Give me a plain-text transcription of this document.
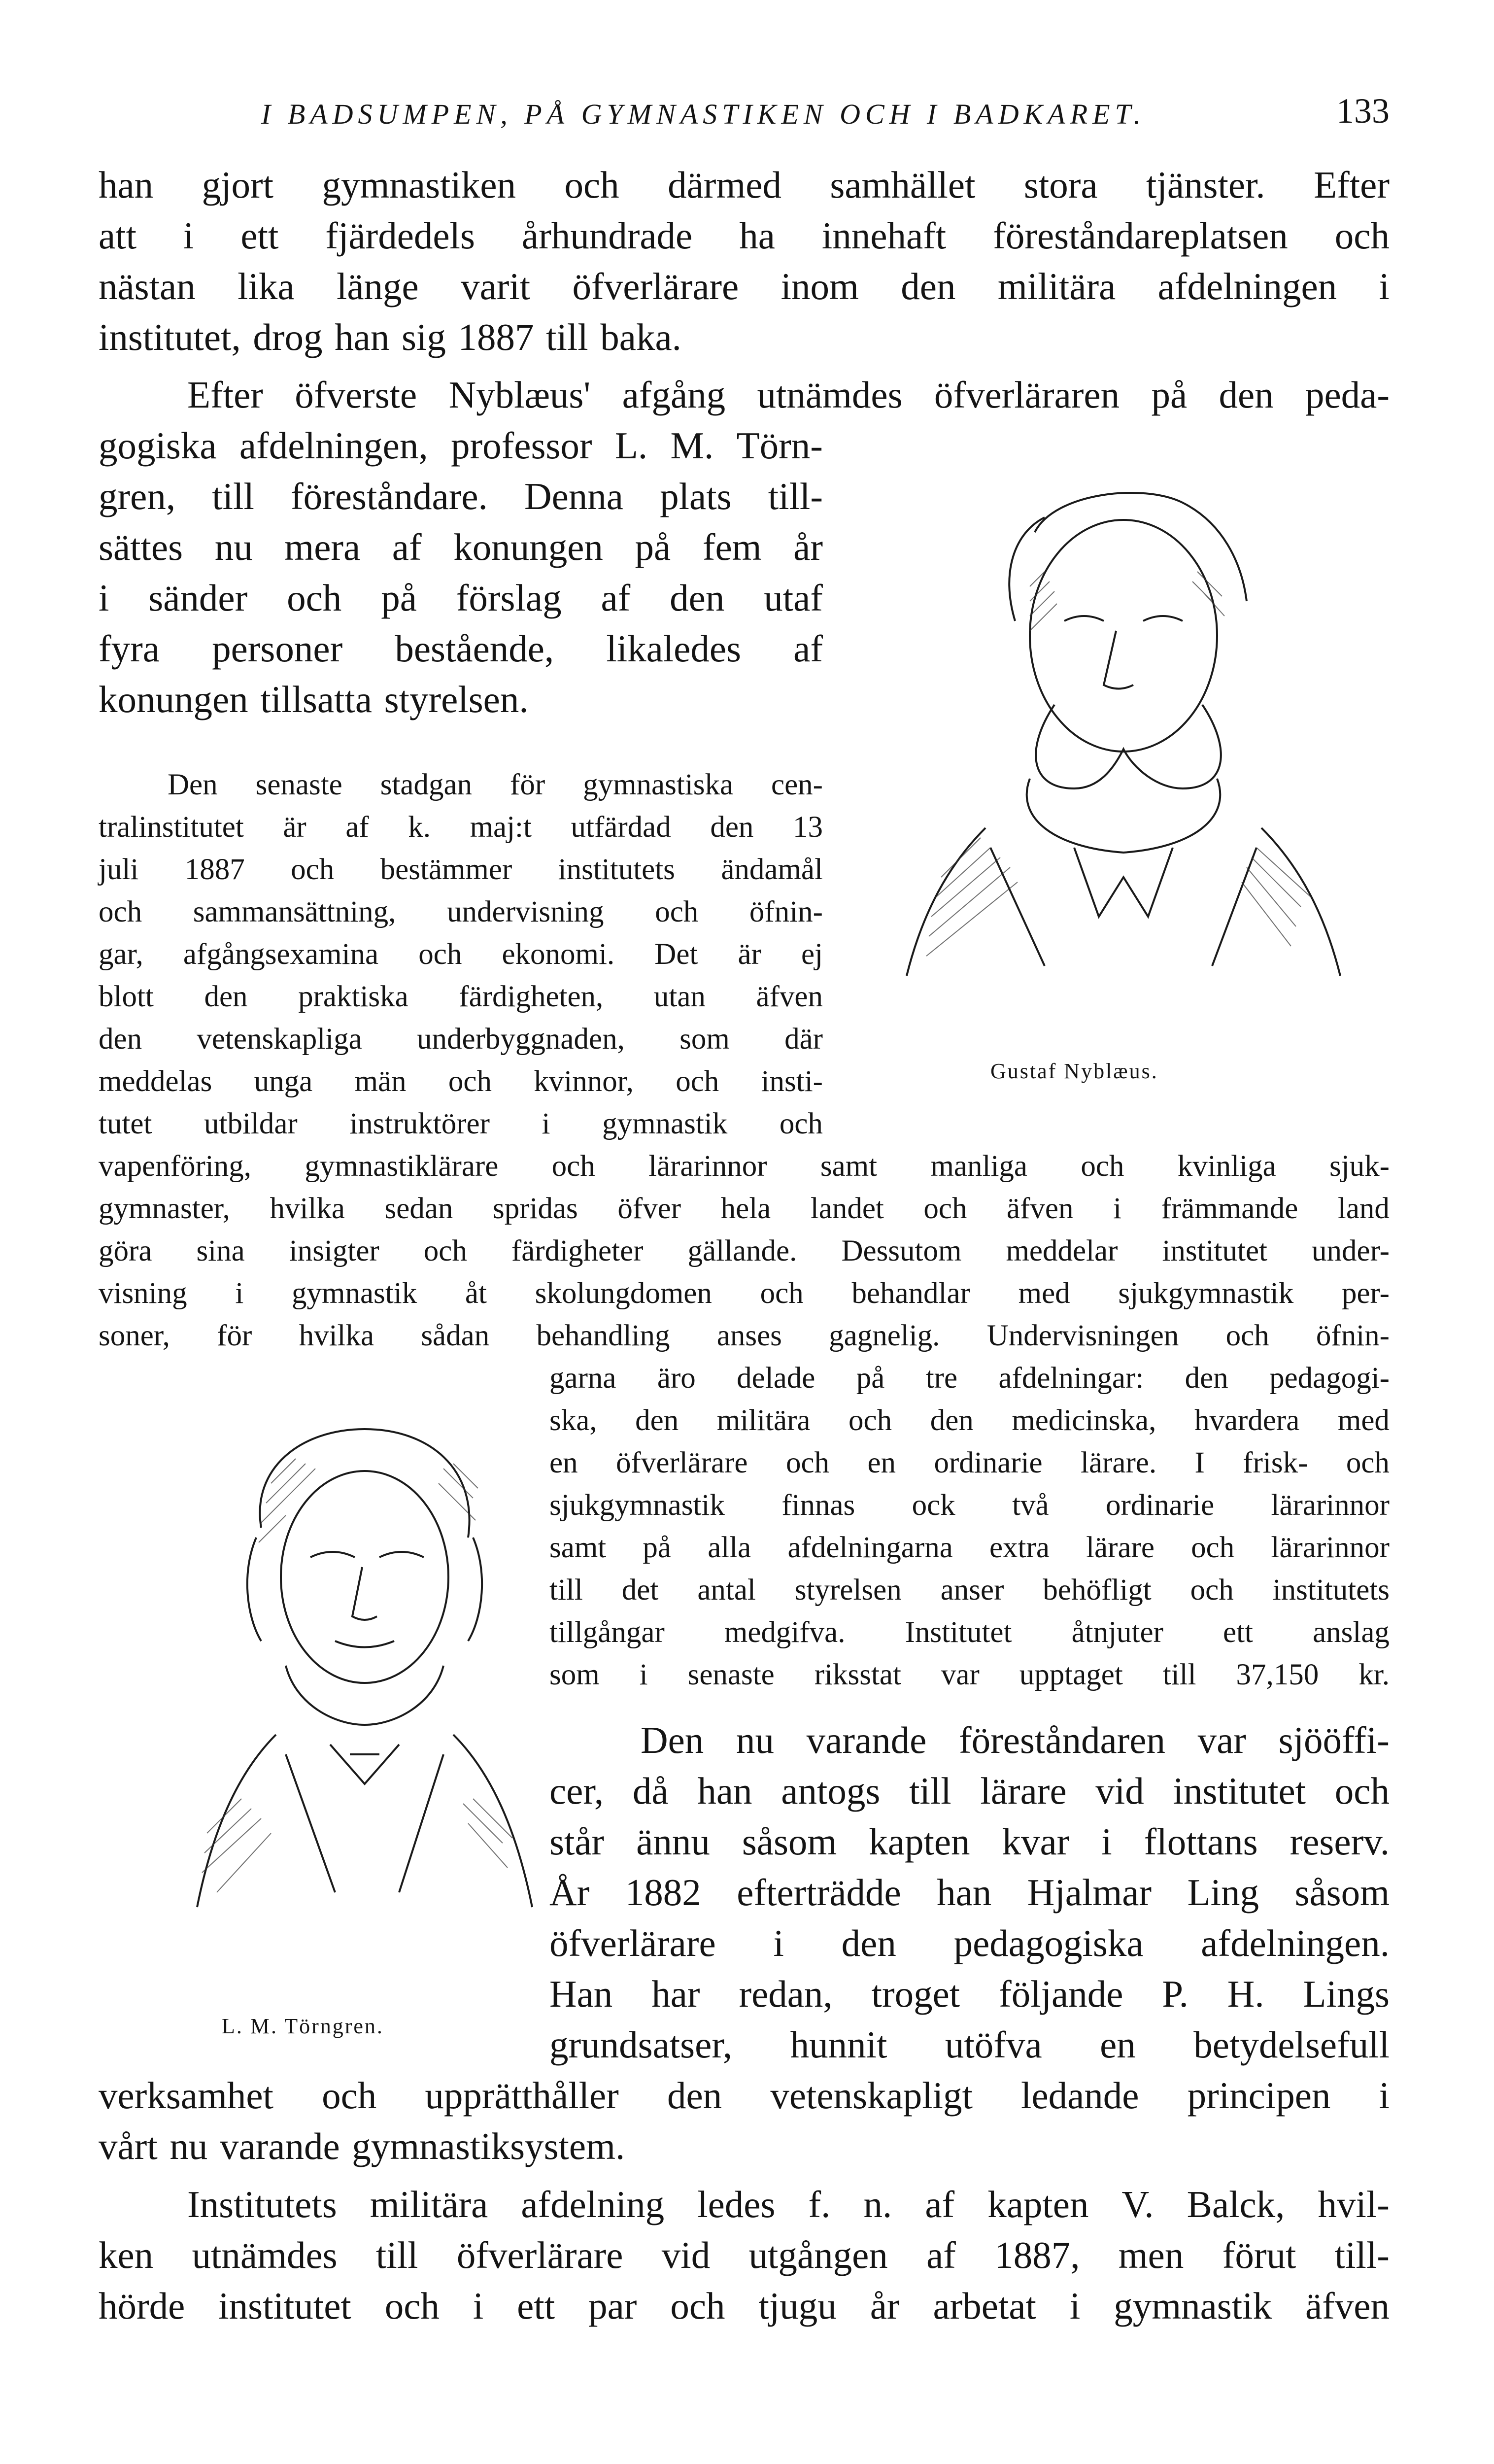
I BADSUMPEN, PÅ GYMNASTIKEN OCH I BADKARET.	133
Gustaf Nyblæus.
L. M. Törngren.
han gjort gymnastiken och därmed samhället stora tjänster. Efter
att i ett fjärdedels århundrade ha innehaft föreståndareplatsen och
nästan lika länge varit öfverlärare inom den militära afdelningen i
institutet, drog han sig 1887 till baka.
Efter öfverste Nyblæus' afgång utnämdes öfverläraren på den peda-
gogiska afdelningen, professor L. M. Törn-
gren, till föreståndare. Denna plats till-
sättes nu mera af konungen på fem år
i sänder och på förslag af den utaf
fyra personer bestående, likaledes af
konungen tillsatta styrelsen.
Den senaste stadgan för gymnastiska cen-
tralinstitutet är af k. maj:t utfärdad den 13
juli 1887 och bestämmer institutets ändamål
och sammansättning, undervisning och öfnin-
gar, afgångsexamina och ekonomi. Det är ej
blott den praktiska färdigheten, utan äfven
den vetenskapliga underbyggnaden, som där
meddelas unga män och kvinnor, och insti-
tutet utbildar instruktörer i gymnastik och
vapenföring, gymnastiklärare och lärarinnor samt manliga och kvinliga sjuk-
gymnaster, hvilka sedan spridas öfver hela landet och äfven i främmande land
göra sina insigter och färdigheter gällande. Dessutom meddelar institutet under-
visning i gymnastik åt skolungdomen och behandlar med sjukgymnastik per-
soner, för hvilka sådan behandling anses gagnelig. Undervisningen och öfnin-
garna äro delade på tre afdelningar: den pedagogi-
ska, den militära och den medicinska, hvardera med
en öfverlärare och en ordinarie lärare. I frisk- och
sjukgymnastik finnas ock två ordinarie lärarinnor
samt på alla afdelningarna extra lärare och lärarinnor
till det antal styrelsen anser behöfligt och institutets
tillgångar medgifva. Institutet åtnjuter ett anslag
som i senaste riksstat var upptaget till 37,150 kr.
Den nu varande föreståndaren var sjööffi-
cer, då han antogs till lärare vid institutet och
står ännu såsom kapten kvar i flottans reserv.
År 1882 efterträdde han Hjalmar Ling såsom
öfverlärare i den pedagogiska afdelningen.
Han har redan, troget följande P. H. Lings
grundsatser, hunnit utöfva en betydelsefull
verksamhet och upprätthåller den vetenskapligt ledande principen i
vårt nu varande gymnastiksystem.
Institutets militära afdelning ledes f. n. af kapten V. Balck, hvil-
ken utnämdes till öfverlärare vid utgången af 1887, men förut till-
hörde institutet och i ett par och tjugu år arbetat i gymnastik äfven
